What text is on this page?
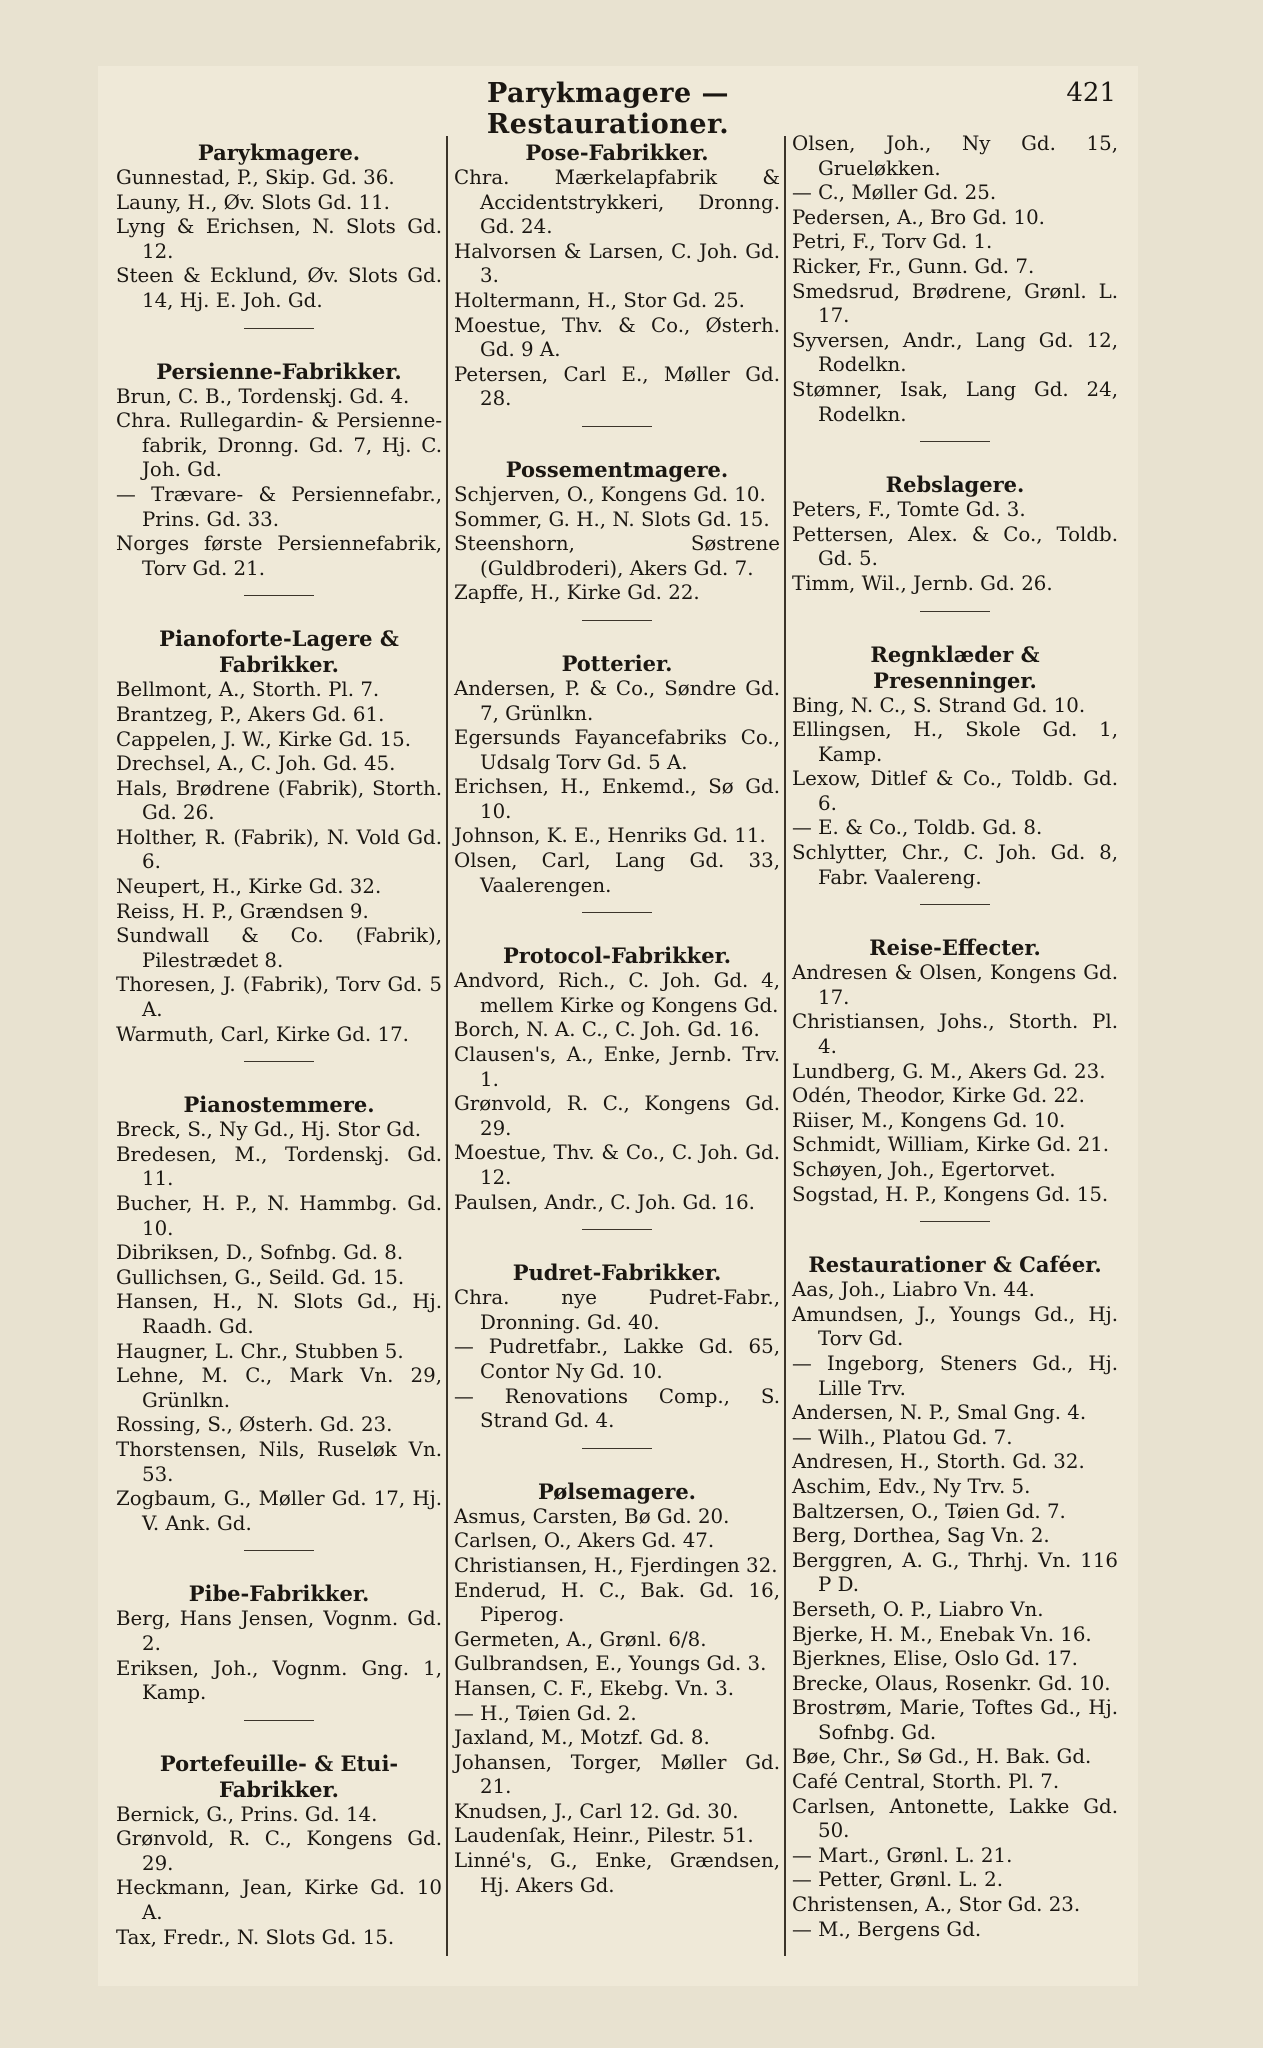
Parykmagere — Restaurationer.
421
Parykmagere.
Gunnestad, P., Skip. Gd. 36.
Launy, H., Øv. Slots Gd. 11.
Lyng & Erichsen, N. Slots Gd. 12.
Steen & Ecklund, Øv. Slots Gd. 14, Hj. E. Joh. Gd.
Persienne-Fabrikker.
Brun, C. B., Tordenskj. Gd. 4.
Chra. Rullegardin- & Persienne-fabrik, Dronng. Gd. 7, Hj. C. Joh. Gd.
— Trævare- & Persiennefabr., Prins. Gd. 33.
Norges første Persiennefabrik, Torv Gd. 21.
Pianoforte-Lagere & Fabrikker.
Bellmont, A., Storth. Pl. 7.
Brantzeg, P., Akers Gd. 61.
Cappelen, J. W., Kirke Gd. 15.
Drechsel, A., C. Joh. Gd. 45.
Hals, Brødrene (Fabrik), Storth. Gd. 26.
Holther, R. (Fabrik), N. Vold Gd. 6.
Neupert, H., Kirke Gd. 32.
Reiss, H. P., Grændsen 9.
Sundwall & Co. (Fabrik), Pilestrædet 8.
Thoresen, J. (Fabrik), Torv Gd. 5 A.
Warmuth, Carl, Kirke Gd. 17.
Pianostemmere.
Breck, S., Ny Gd., Hj. Stor Gd.
Bredesen, M., Tordenskj. Gd. 11.
Bucher, H. P., N. Hammbg. Gd. 10.
Dibriksen, D., Sofnbg. Gd. 8.
Gullichsen, G., Seild. Gd. 15.
Hansen, H., N. Slots Gd., Hj. Raadh. Gd.
Haugner, L. Chr., Stubben 5.
Lehne, M. C., Mark Vn. 29, Grünlkn.
Rossing, S., Østerh. Gd. 23.
Thorstensen, Nils, Ruseløk Vn. 53.
Zogbaum, G., Møller Gd. 17, Hj. V. Ank. Gd.
Pibe-Fabrikker.
Berg, Hans Jensen, Vognm. Gd. 2.
Eriksen, Joh., Vognm. Gng. 1, Kamp.
Portefeuille- & Etui-Fabrikker.
Bernick, G., Prins. Gd. 14.
Grønvold, R. C., Kongens Gd. 29.
Heckmann, Jean, Kirke Gd. 10 A.
Tax, Fredr., N. Slots Gd. 15.
Pose-Fabrikker.
Chra. Mærkelapfabrik & Accidentstrykkeri, Dronng. Gd. 24.
Halvorsen & Larsen, C. Joh. Gd. 3.
Holtermann, H., Stor Gd. 25.
Moestue, Thv. & Co., Østerh. Gd. 9 A.
Petersen, Carl E., Møller Gd. 28.
Possementmagere.
Schjerven, O., Kongens Gd. 10.
Sommer, G. H., N. Slots Gd. 15.
Steenshorn, Søstrene (Guldbroderi), Akers Gd. 7.
Zapffe, H., Kirke Gd. 22.
Potterier.
Andersen, P. & Co., Søndre Gd. 7, Grünlkn.
Egersunds Fayancefabriks Co., Udsalg Torv Gd. 5 A.
Erichsen, H., Enkemd., Sø Gd. 10.
Johnson, K. E., Henriks Gd. 11.
Olsen, Carl, Lang Gd. 33, Vaalerengen.
Protocol-Fabrikker.
Andvord, Rich., C. Joh. Gd. 4, mellem Kirke og Kongens Gd.
Borch, N. A. C., C. Joh. Gd. 16.
Clausen's, A., Enke, Jernb. Trv. 1.
Grønvold, R. C., Kongens Gd. 29.
Moestue, Thv. & Co., C. Joh. Gd. 12.
Paulsen, Andr., C. Joh. Gd. 16.
Pudret-Fabrikker.
Chra. nye Pudret-Fabr., Dronning. Gd. 40.
— Pudretfabr., Lakke Gd. 65, Contor Ny Gd. 10.
— Renovations Comp., S. Strand Gd. 4.
Pølsemagere.
Asmus, Carsten, Bø Gd. 20.
Carlsen, O., Akers Gd. 47.
Christiansen, H., Fjerdingen 32.
Enderud, H. C., Bak. Gd. 16, Piperog.
Germeten, A., Grønl. 6/8.
Gulbrandsen, E., Youngs Gd. 3.
Hansen, C. F., Ekebg. Vn. 3.
— H., Tøien Gd. 2.
Jaxland, M., Motzf. Gd. 8.
Johansen, Torger, Møller Gd. 21.
Knudsen, J., Carl 12. Gd. 30.
Laudenſak, Heinr., Pilestr. 51.
Linné's, G., Enke, Grændsen, Hj. Akers Gd.
Olsen, Joh., Ny Gd. 15, Grueløkken.
— C., Møller Gd. 25.
Pedersen, A., Bro Gd. 10.
Petri, F., Torv Gd. 1.
Ricker, Fr., Gunn. Gd. 7.
Smedsrud, Brødrene, Grønl. L. 17.
Syversen, Andr., Lang Gd. 12, Rodelkn.
Stømner, Isak, Lang Gd. 24, Rodelkn.
Rebslagere.
Peters, F., Tomte Gd. 3.
Pettersen, Alex. & Co., Toldb. Gd. 5.
Timm, Wil., Jernb. Gd. 26.
Regnklæder & Presenninger.
Bing, N. C., S. Strand Gd. 10.
Ellingsen, H., Skole Gd. 1, Kamp.
Lexow, Ditlef & Co., Toldb. Gd. 6.
— E. & Co., Toldb. Gd. 8.
Schlytter, Chr., C. Joh. Gd. 8, Fabr. Vaalereng.
Reise-Effecter.
Andresen & Olsen, Kongens Gd. 17.
Christiansen, Johs., Storth. Pl. 4.
Lundberg, G. M., Akers Gd. 23.
Odén, Theodor, Kirke Gd. 22.
Riiser, M., Kongens Gd. 10.
Schmidt, William, Kirke Gd. 21.
Schøyen, Joh., Egertorvet.
Sogstad, H. P., Kongens Gd. 15.
Restaurationer & Caféer.
Aas, Joh., Liabro Vn. 44.
Amundsen, J., Youngs Gd., Hj. Torv Gd.
— Ingeborg, Steners Gd., Hj. Lille Trv.
Andersen, N. P., Smal Gng. 4.
— Wilh., Platou Gd. 7.
Andresen, H., Storth. Gd. 32.
Aschim, Edv., Ny Trv. 5.
Baltzersen, O., Tøien Gd. 7.
Berg, Dorthea, Sag Vn. 2.
Berggren, A. G., Thrhj. Vn. 116 P D.
Berseth, O. P., Liabro Vn.
Bjerke, H. M., Enebak Vn. 16.
Bjerknes, Elise, Oslo Gd. 17.
Brecke, Olaus, Rosenkr. Gd. 10.
Brostrøm, Marie, Toftes Gd., Hj. Sofnbg. Gd.
Bøe, Chr., Sø Gd., H. Bak. Gd.
Café Central, Storth. Pl. 7.
Carlsen, Antonette, Lakke Gd. 50.
— Mart., Grønl. L. 21.
— Petter, Grønl. L. 2.
Christensen, A., Stor Gd. 23.
— M., Bergens Gd.
